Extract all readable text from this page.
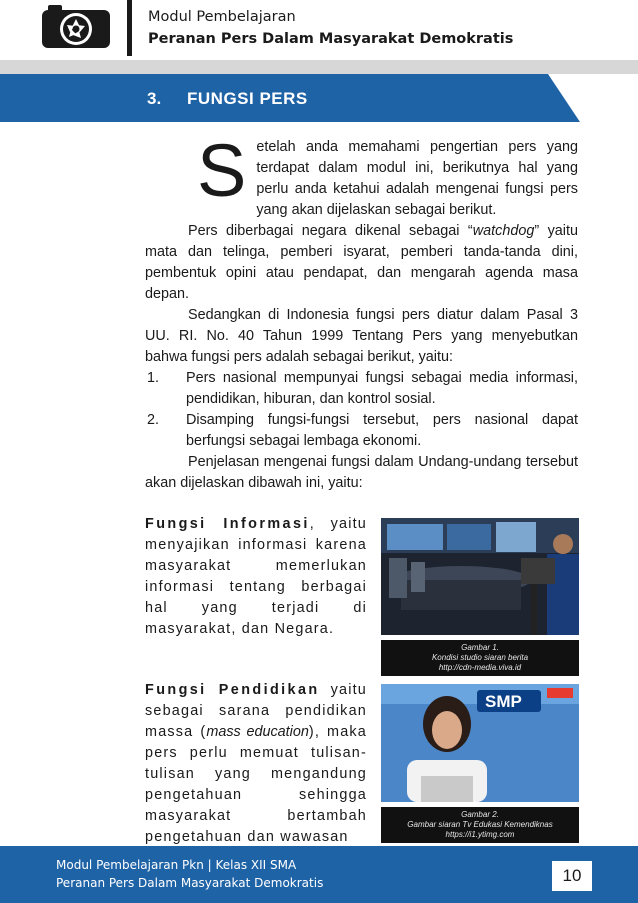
Modul Pembelajaran
Peranan Pers Dalam Masyarakat Demokratis
3. FUNGSI PERS

S etelah anda memahami pengertian pers yang terdapat dalam modul ini, berikutnya hal yang perlu anda ketahui adalah mengenai fungsi pers yang akan dijelaskan sebagai berikut.

Pers diberbagai negara dikenal sebagai “watchdog” yaitu mata dan telinga, pemberi isyarat, pemberi tanda-tanda dini, pembentuk opini atau pendapat, dan mengarah agenda masa depan.

Sedangkan di Indonesia fungsi pers diatur dalam Pasal 3 UU. RI. No. 40 Tahun 1999 Tentang Pers yang menyebutkan bahwa fungsi pers adalah sebagai berikut, yaitu:

1. Pers nasional mempunyai fungsi sebagai media informasi, pendidikan, hiburan, dan kontrol sosial.
2. Disamping fungsi-fungsi tersebut, pers nasional dapat berfungsi sebagai lembaga ekonomi.

Penjelasan mengenai fungsi dalam Undang-undang tersebut akan dijelaskan dibawah ini, yaitu:

Fungsi Informasi, yaitu menyajikan informasi karena masyarakat memerlukan informasi tentang berbagai hal yang terjadi di masyarakat, dan Negara.

Gambar 1.
Kondisi studio siaran berita
http://cdn-media.viva.id

Fungsi Pendidikan yaitu sebagai sarana pendidikan massa (mass education), maka pers perlu memuat tulisan-tulisan yang mengandung pengetahuan sehingga masyarakat bertambah pengetahuan dan wawasan

SMP
Gambar 2.
Gambar siaran Tv Edukasi Kemendiknas
https://i1.ytimg.com
Modul Pembelajaran Pkn | Kelas XII SMA
Peranan Pers Dalam Masyarakat Demokratis	10
